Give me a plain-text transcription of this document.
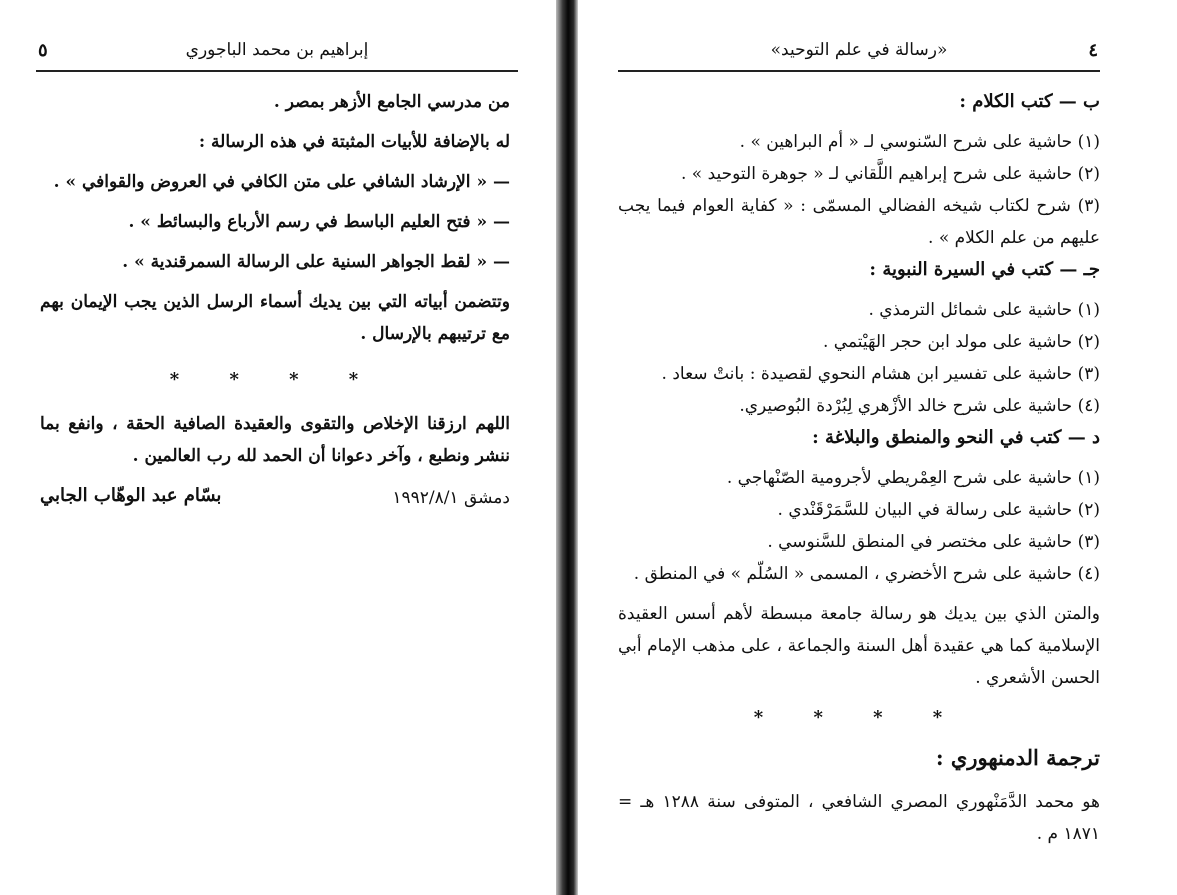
٥	إبراهيم بن محمد الباجوري
من مدرسي الجامع الأزهر بمصر .
له بالإضافة للأبيات المثبتة في هذه الرسالة :
— « الإرشاد الشافي على متن الكافي في العروض والقوافي » .
— « فتح العليم الباسط في رسم الأرباع والبسائط » .
— « لقط الجواهر السنية على الرسالة السمرقندية » .
وتتضمن أبياته التي بين يديك أسماء الرسل الذين يجب الإيمان بهم مع ترتيبهم بالإرسال .
* * * *
اللهم ارزقنا الإخلاص والتقوى والعقيدة الصافية الحقة ، وانفع بما ننشر ونطبع ، وآخر دعوانا أن الحمد لله رب العالمين .
دمشق ١٩٩٢/٨/١
بسّام عبد الوهّاب الجابي
٤
«رسالة في علم التوحيد»
ب — كتب الكلام :
(١) حاشية على شرح السّنوسي لـ « أم البراهين » .
(٢) حاشية على شرح إبراهيم اللَّقاني لـ « جوهرة التوحيد » .
(٣) شرح لكتاب شيخه الفضالي المسمّى : « كفاية العوام فيما يجب عليهم من علم الكلام » .
جـ — كتب في السيرة النبوية :
(١) حاشية على شمائل الترمذي .
(٢) حاشية على مولد ابن حجر الهَيْتمي .
(٣) حاشية على تفسير ابن هشام النحوي لقصيدة : بانتْ سعاد .
(٤) حاشية على شرح خالد الأزْهري لِبُرْدة البُوصيري.
د — كتب في النحو والمنطق والبلاغة :
(١) حاشية على شرح العِمْريطي لأجرومية الصّنْهاجي .
(٢) حاشية على رسالة في البيان للسَّمَرْقَنْدي .
(٣) حاشية على مختصر في المنطق للسَّنوسي .
(٤) حاشية على شرح الأخضري ، المسمى « السُلّم » في المنطق .
والمتن الذي بين يديك هو رسالة جامعة مبسطة لأهم أسس العقيدة الإسلامية كما هي عقيدة أهل السنة والجماعة ، على مذهب الإمام أبي الحسن الأشعري .
* * * *
ترجمة الدمنهوري :
هو محمد الدَّمَنْهوري المصري الشافعي ، المتوفى سنة ١٢٨٨ هـ = ١٨٧١ م .
